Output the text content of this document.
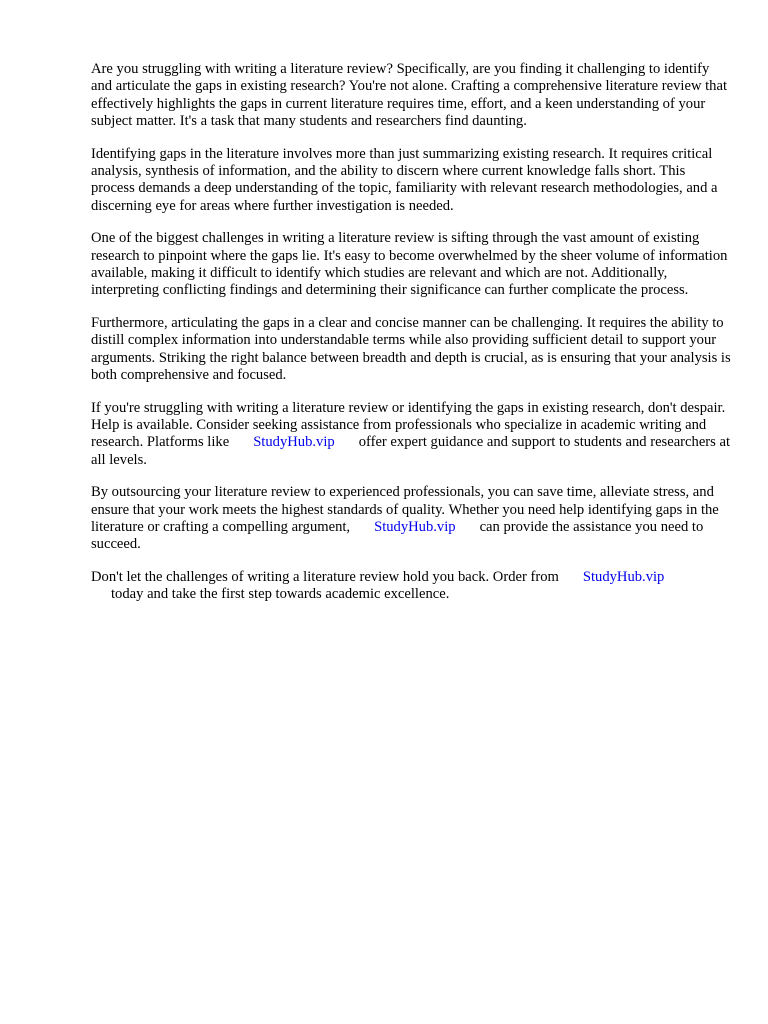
Are you struggling with writing a literature review? Specifically, are you finding it challenging to identify and articulate the gaps in existing research? You're not alone. Crafting a comprehensive literature review that effectively highlights the gaps in current literature requires time, effort, and a keen understanding of your subject matter. It's a task that many students and researchers find daunting.

Identifying gaps in the literature involves more than just summarizing existing research. It requires critical analysis, synthesis of information, and the ability to discern where current knowledge falls short. This process demands a deep understanding of the topic, familiarity with relevant research methodologies, and a discerning eye for areas where further investigation is needed.

One of the biggest challenges in writing a literature review is sifting through the vast amount of existing research to pinpoint where the gaps lie. It's easy to become overwhelmed by the sheer volume of information available, making it difficult to identify which studies are relevant and which are not. Additionally, interpreting conflicting findings and determining their significance can further complicate the process.

Furthermore, articulating the gaps in a clear and concise manner can be challenging. It requires the ability to distill complex information into understandable terms while also providing sufficient detail to support your arguments. Striking the right balance between breadth and depth is crucial, as is ensuring that your analysis is both comprehensive and focused.

If you're struggling with writing a literature review or identifying the gaps in existing research, don't despair. Help is available. Consider seeking assistance from professionals who specialize in academic writing and research. Platforms like StudyHub.vip offer expert guidance and support to students and researchers at all levels.

By outsourcing your literature review to experienced professionals, you can save time, alleviate stress, and ensure that your work meets the highest standards of quality. Whether you need help identifying gaps in the literature or crafting a compelling argument, StudyHub.vip can provide the assistance you need to succeed.

Don't let the challenges of writing a literature review hold you back. Order from StudyHub.vip
today and take the first step towards academic excellence.
